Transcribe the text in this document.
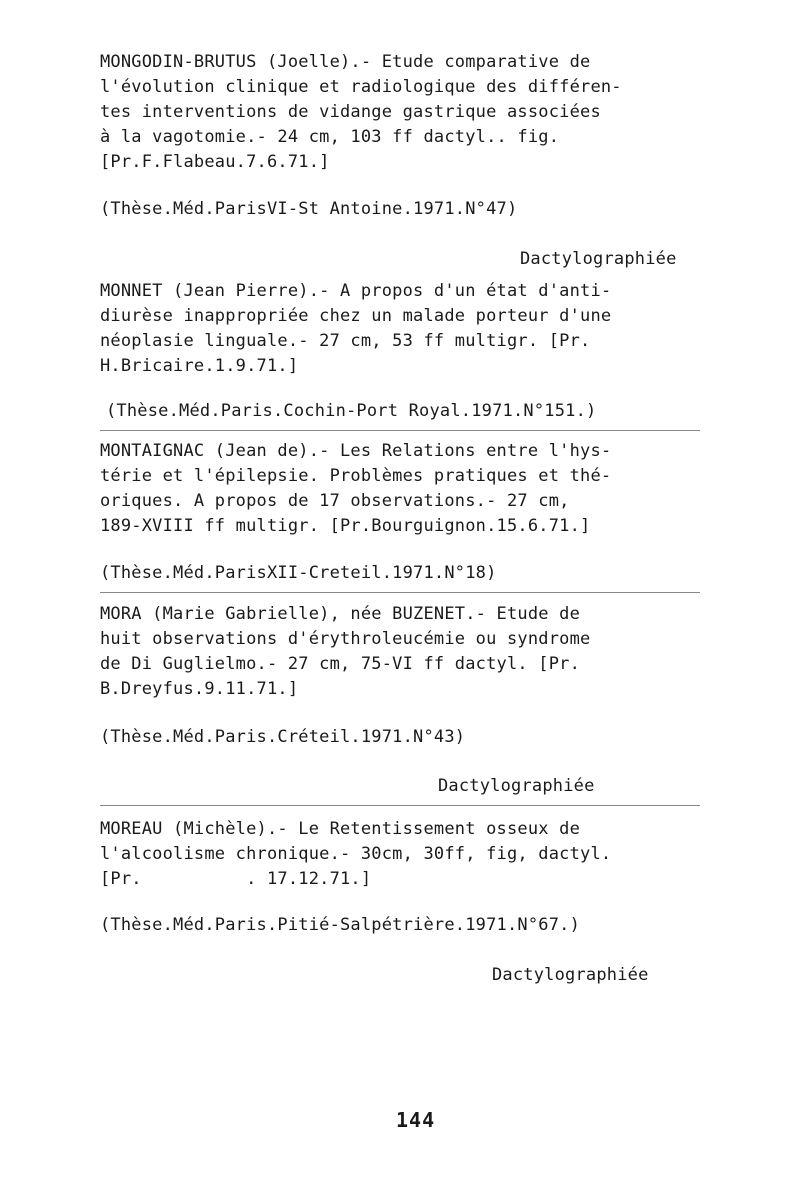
MONGODIN-BRUTUS (Joelle).- Etude comparative de
l'évolution clinique et radiologique des différen-
tes interventions de vidange gastrique associées
à la vagotomie.- 24 cm, 103 ff dactyl.. fig.
[Pr.F.Flabeau.7.6.71.]
(Thèse.Méd.ParisVI-St Antoine.1971.N°47)
Dactylographiée
MONNET (Jean Pierre).- A propos d'un état d'anti-
diurèse inappropriée chez un malade porteur d'une
néoplasie linguale.- 27 cm, 53 ff multigr. [Pr.
H.Bricaire.1.9.71.]
(Thèse.Méd.Paris.Cochin-Port Royal.1971.N°151.)
MONTAIGNAC (Jean de).- Les Relations entre l'hys-
térie et l'épilepsie. Problèmes pratiques et thé-
oriques. A propos de 17 observations.- 27 cm,
189-XVIII ff multigr. [Pr.Bourguignon.15.6.71.]
(Thèse.Méd.ParisXII-Creteil.1971.N°18)
MORA (Marie Gabrielle), née BUZENET.- Etude de
huit observations d'érythroleucémie ou syndrome
de Di Guglielmo.- 27 cm, 75-VI ff dactyl. [Pr.
B.Dreyfus.9.11.71.]
(Thèse.Méd.Paris.Créteil.1971.N°43)
Dactylographiée
MOREAU (Michèle).- Le Retentissement osseux de
l'alcoolisme chronique.- 30cm, 30ff, fig, dactyl.
[Pr.          . 17.12.71.]
(Thèse.Méd.Paris.Pitié-Salpétrière.1971.N°67.)
Dactylographiée
144
